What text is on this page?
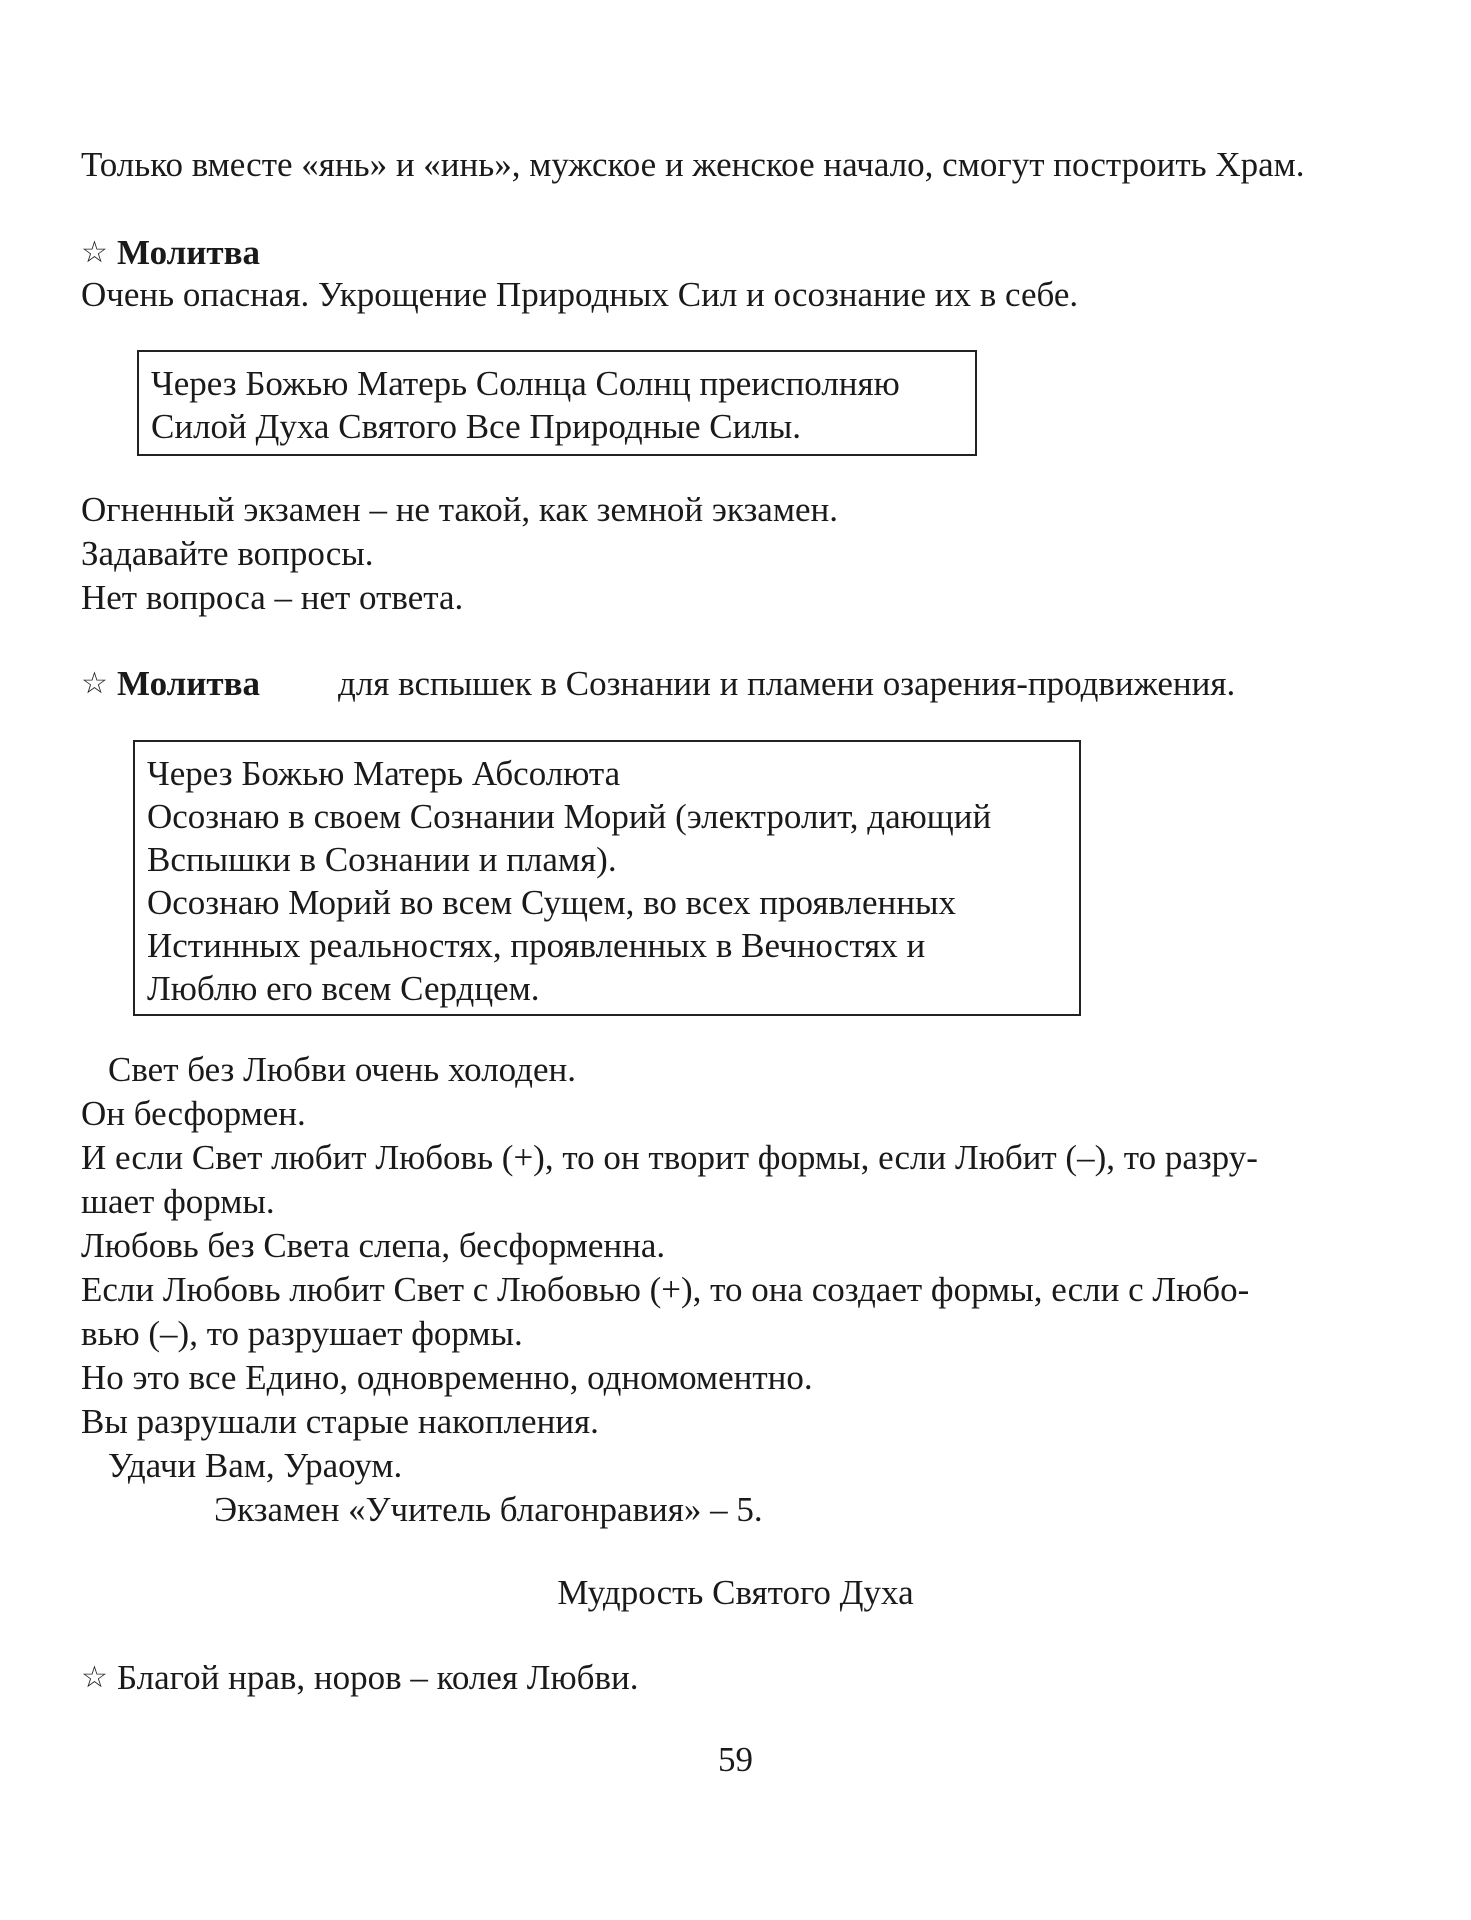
Только вместе «янь» и «инь», мужское и женское начало, смогут построить Храм.
☆ Молитва
Очень опасная. Укрощение Природных Сил и осознание их в себе.
Через Божью Матерь Солнца Солнц преисполняю
Силой Духа Святого Все Природные Силы.
Огненный экзамен – не такой, как земной экзамен.
Задавайте вопросы.
Нет вопроса – нет ответа.
☆ Молитва для вспышек в Сознании и пламени озарения-продвижения.
Через Божью Матерь Абсолюта
Осознаю в своем Сознании Морий (электролит, дающий
Вспышки в Сознании и пламя).
Осознаю Морий во всем Сущем, во всех проявленных
Истинных реальностях, проявленных в Вечностях и
Люблю его всем Сердцем.
Свет без Любви очень холоден.
Он бесформен.
И если Свет любит Любовь (+), то он творит формы, если Любит (–), то разру-
шает формы.
Любовь без Света слепа, бесформенна.
Если Любовь любит Свет с Любовью (+), то она создает формы, если с Любо-
вью (–), то разрушает формы.
Но это все Едино, одновременно, одномоментно.
Вы разрушали старые накопления.
Удачи Вам, Ураоум.
Экзамен «Учитель благонравия» – 5.
Мудрость Святого Духа
☆ Благой нрав, норов – колея Любви.
59
